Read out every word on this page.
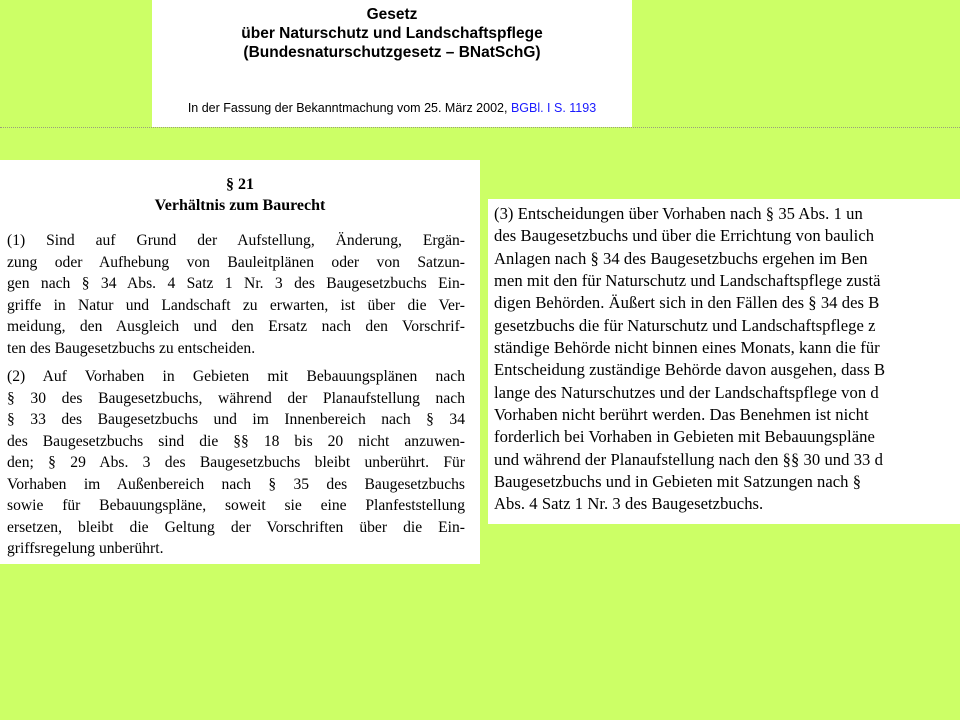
Gesetz
über Naturschutz und Landschaftspflege
(Bundesnaturschutzgesetz – BNatSchG)
In der Fassung der Bekanntmachung vom 25. März 2002, BGBl. I S. 1193
§ 21
Verhältnis zum Baurecht
(1) Sind auf Grund der Aufstellung, Änderung, Ergän-
zung oder Aufhebung von Bauleitplänen oder von Satzun-
gen nach § 34 Abs. 4 Satz 1 Nr. 3 des Baugesetzbuchs Ein-
griffe in Natur und Landschaft zu erwarten, ist über die Ver-
meidung, den Ausgleich und den Ersatz nach den Vorschrif-
ten des Baugesetzbuchs zu entscheiden.
(2) Auf Vorhaben in Gebieten mit Bebauungsplänen nach
§ 30 des Baugesetzbuchs, während der Planaufstellung nach
§ 33 des Baugesetzbuchs und im Innenbereich nach § 34
des Baugesetzbuchs sind die §§ 18 bis 20 nicht anzuwen-
den; § 29 Abs. 3 des Baugesetzbuchs bleibt unberührt. Für
Vorhaben im Außenbereich nach § 35 des Baugesetzbuchs
sowie für Bebauungspläne, soweit sie eine Planfeststellung
ersetzen, bleibt die Geltung der Vorschriften über die Ein-
griffsregelung unberührt.
(3) Entscheidungen über Vorhaben nach § 35 Abs. 1 un
des Baugesetzbuchs und über die Errichtung von baulich
Anlagen nach § 34 des Baugesetzbuchs ergehen im Ben
men mit den für Naturschutz und Landschaftspflege zustä
digen Behörden. Äußert sich in den Fällen des § 34 des B
gesetzbuchs die für Naturschutz und Landschaftspflege z
ständige Behörde nicht binnen eines Monats, kann die für
Entscheidung zuständige Behörde davon ausgehen, dass B
lange des Naturschutzes und der Landschaftspflege von d
Vorhaben nicht berührt werden. Das Benehmen ist nicht
forderlich bei Vorhaben in Gebieten mit Bebauungspläne
und während der Planaufstellung nach den §§ 30 und 33 d
Baugesetzbuchs und in Gebieten mit Satzungen nach §
Abs. 4 Satz 1 Nr. 3 des Baugesetzbuchs.
